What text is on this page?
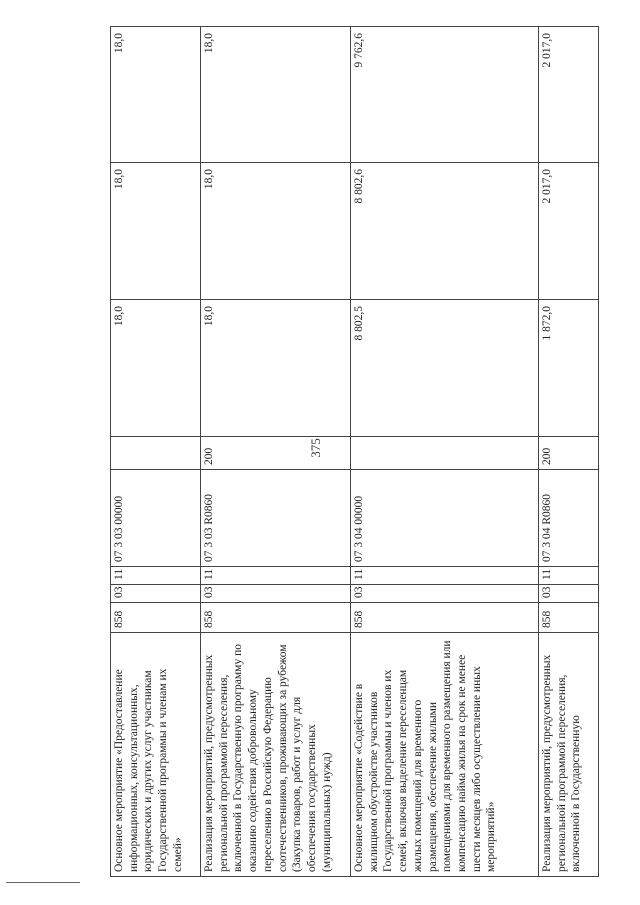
375
Основное мероприятие «Предоставление информационных, консультационных, юридических и других услуг участникам Государственной программы и членам их семей»	858	03	11	07 3 03 00000		18,0	18,0	18,0
Реализация мероприятий, предусмотренных региональной программой переселения, включенной в Государственную программу по оказанию содействия добровольному переселению в Российскую Федерацию соотечественников, проживающих за рубежом (Закупка товаров, работ и услуг для обеспечения государственных (муниципальных) нужд)	858	03	11	07 3 03 R0860	200	18,0	18,0	18,0
Основное мероприятие «Содействие в жилищном обустройстве участников Государственной программы и членов их семей, включая выделение переселенцам жилых помещений для временного размещения, обеспечение жилыми помещениями для временного размещения или компенсацию найма жилья на срок не менее шести месяцев либо осуществление иных мероприятий»	858	03	11	07 3 04 00000		8 802,5	8 802,6	9 762,6
Реализация мероприятий, предусмотренных региональной программой переселения, включенной в Государственную	858	03	11	07 3 04 R0860	200	1 872,0	2 017,0	2 017,0
